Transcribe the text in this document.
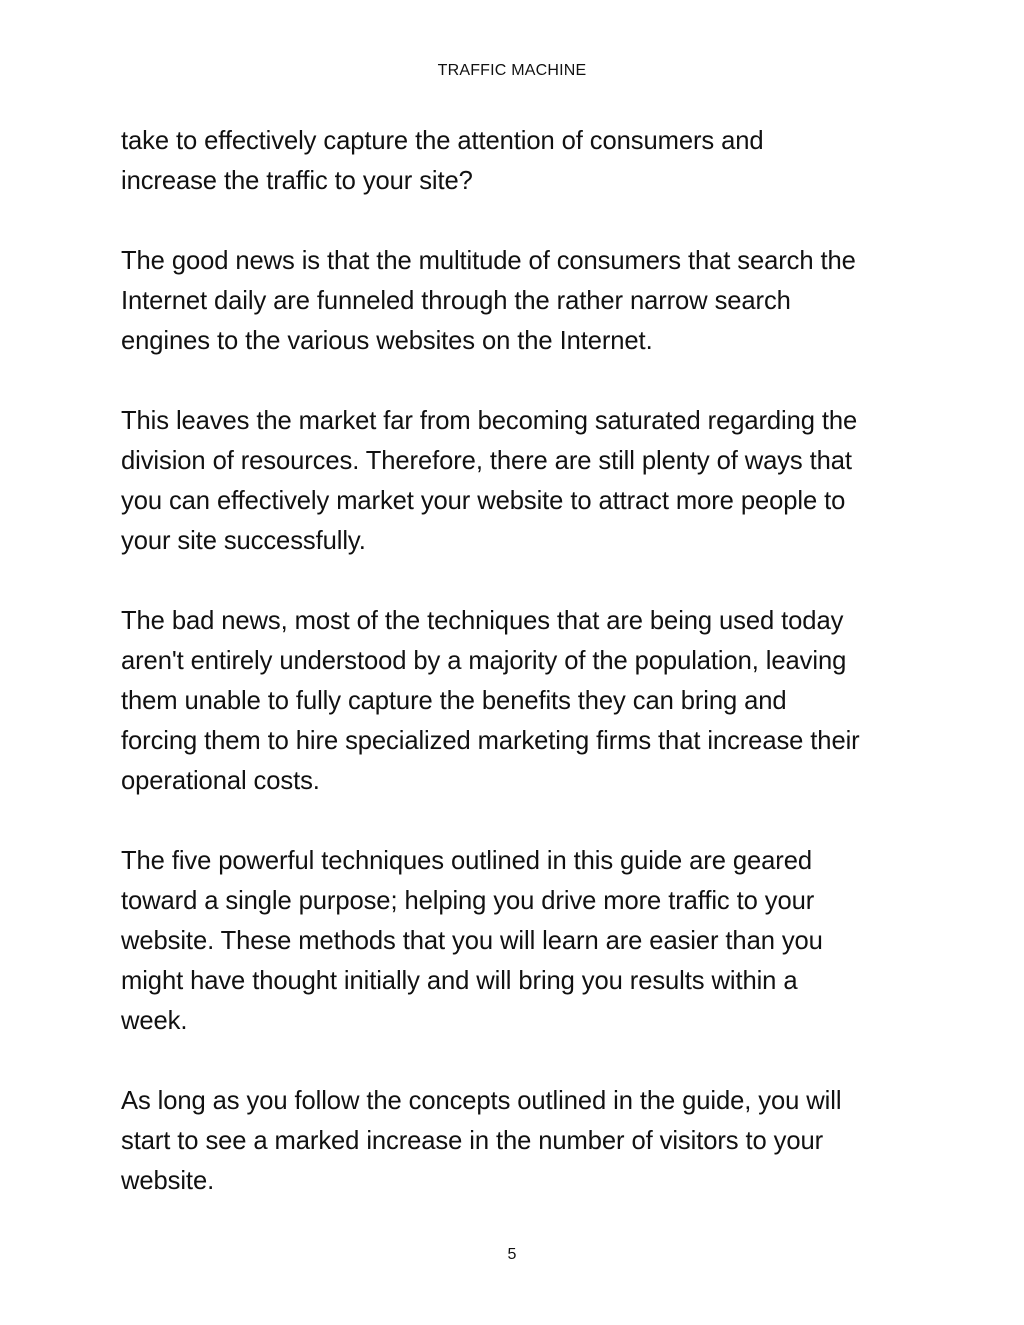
TRAFFIC MACHINE

take to effectively capture the attention of consumers and
increase the traffic to your site?

The good news is that the multitude of consumers that search the
Internet daily are funneled through the rather narrow search
engines to the various websites on the Internet.

This leaves the market far from becoming saturated regarding the
division of resources. Therefore, there are still plenty of ways that
you can effectively market your website to attract more people to
your site successfully.

The bad news, most of the techniques that are being used today
aren't entirely understood by a majority of the population, leaving
them unable to fully capture the benefits they can bring and
forcing them to hire specialized marketing firms that increase their
operational costs.

The five powerful techniques outlined in this guide are geared
toward a single purpose; helping you drive more traffic to your
website. These methods that you will learn are easier than you
might have thought initially and will bring you results within a
week.

As long as you follow the concepts outlined in the guide, you will
start to see a marked increase in the number of visitors to your
website.

5
